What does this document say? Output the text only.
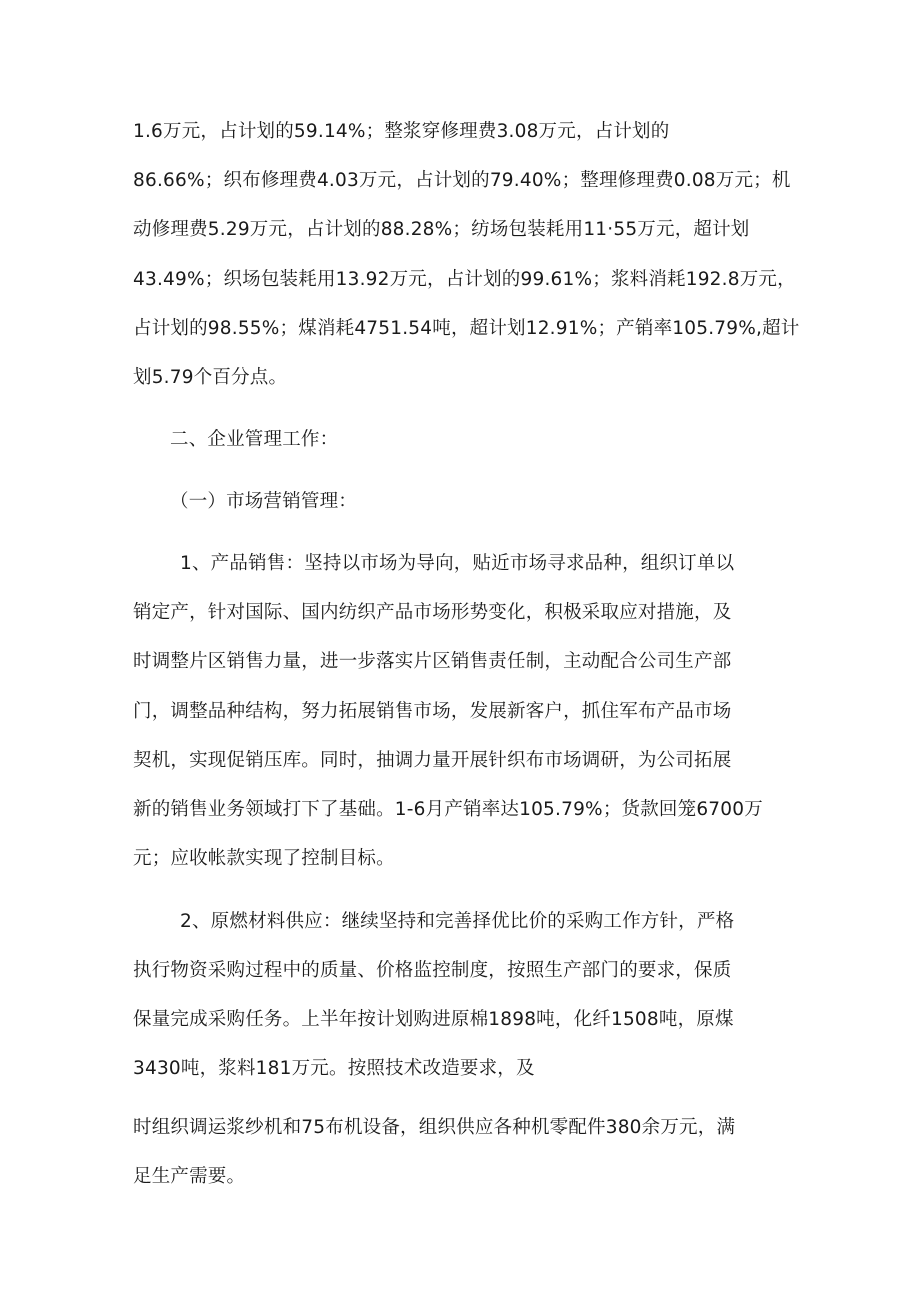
1.6万元，占计划的59.14%；整浆穿修理费3.08万元，占计划的
86.66%；织布修理费4.03万元，占计划的79.40%；整理修理费0.08万元；机
动修理费5.29万元，占计划的88.28%；纺场包装耗用11·55万元，超计划
43.49%；织场包装耗用13.92万元，占计划的99.61%；浆料消耗192.8万元，
占计划的98.55%；煤消耗4751.54吨，超计划12.91%；产销率105.79%,超计
划5.79个百分点。
二、企业管理工作：
（一）市场营销管理：
1、产品销售：坚持以市场为导向，贴近市场寻求品种，组织订单以
销定产，针对国际、国内纺织产品市场形势变化，积极采取应对措施，及
时调整片区销售力量，进一步落实片区销售责任制，主动配合公司生产部
门，调整品种结构，努力拓展销售市场，发展新客户，抓住军布产品市场
契机，实现促销压库。同时，抽调力量开展针织布市场调研，为公司拓展
新的销售业务领域打下了基础。1-6月产销率达105.79%；货款回笼6700万
元；应收帐款实现了控制目标。
2、原燃材料供应：继续坚持和完善择优比价的采购工作方针，严格
执行物资采购过程中的质量、价格监控制度，按照生产部门的要求，保质
保量完成采购任务。上半年按计划购进原棉1898吨，化纤1508吨，原煤
3430吨，浆料181万元。按照技术改造要求，及
时组织调运浆纱机和75布机设备，组织供应各种机零配件380余万元，满
足生产需要。
